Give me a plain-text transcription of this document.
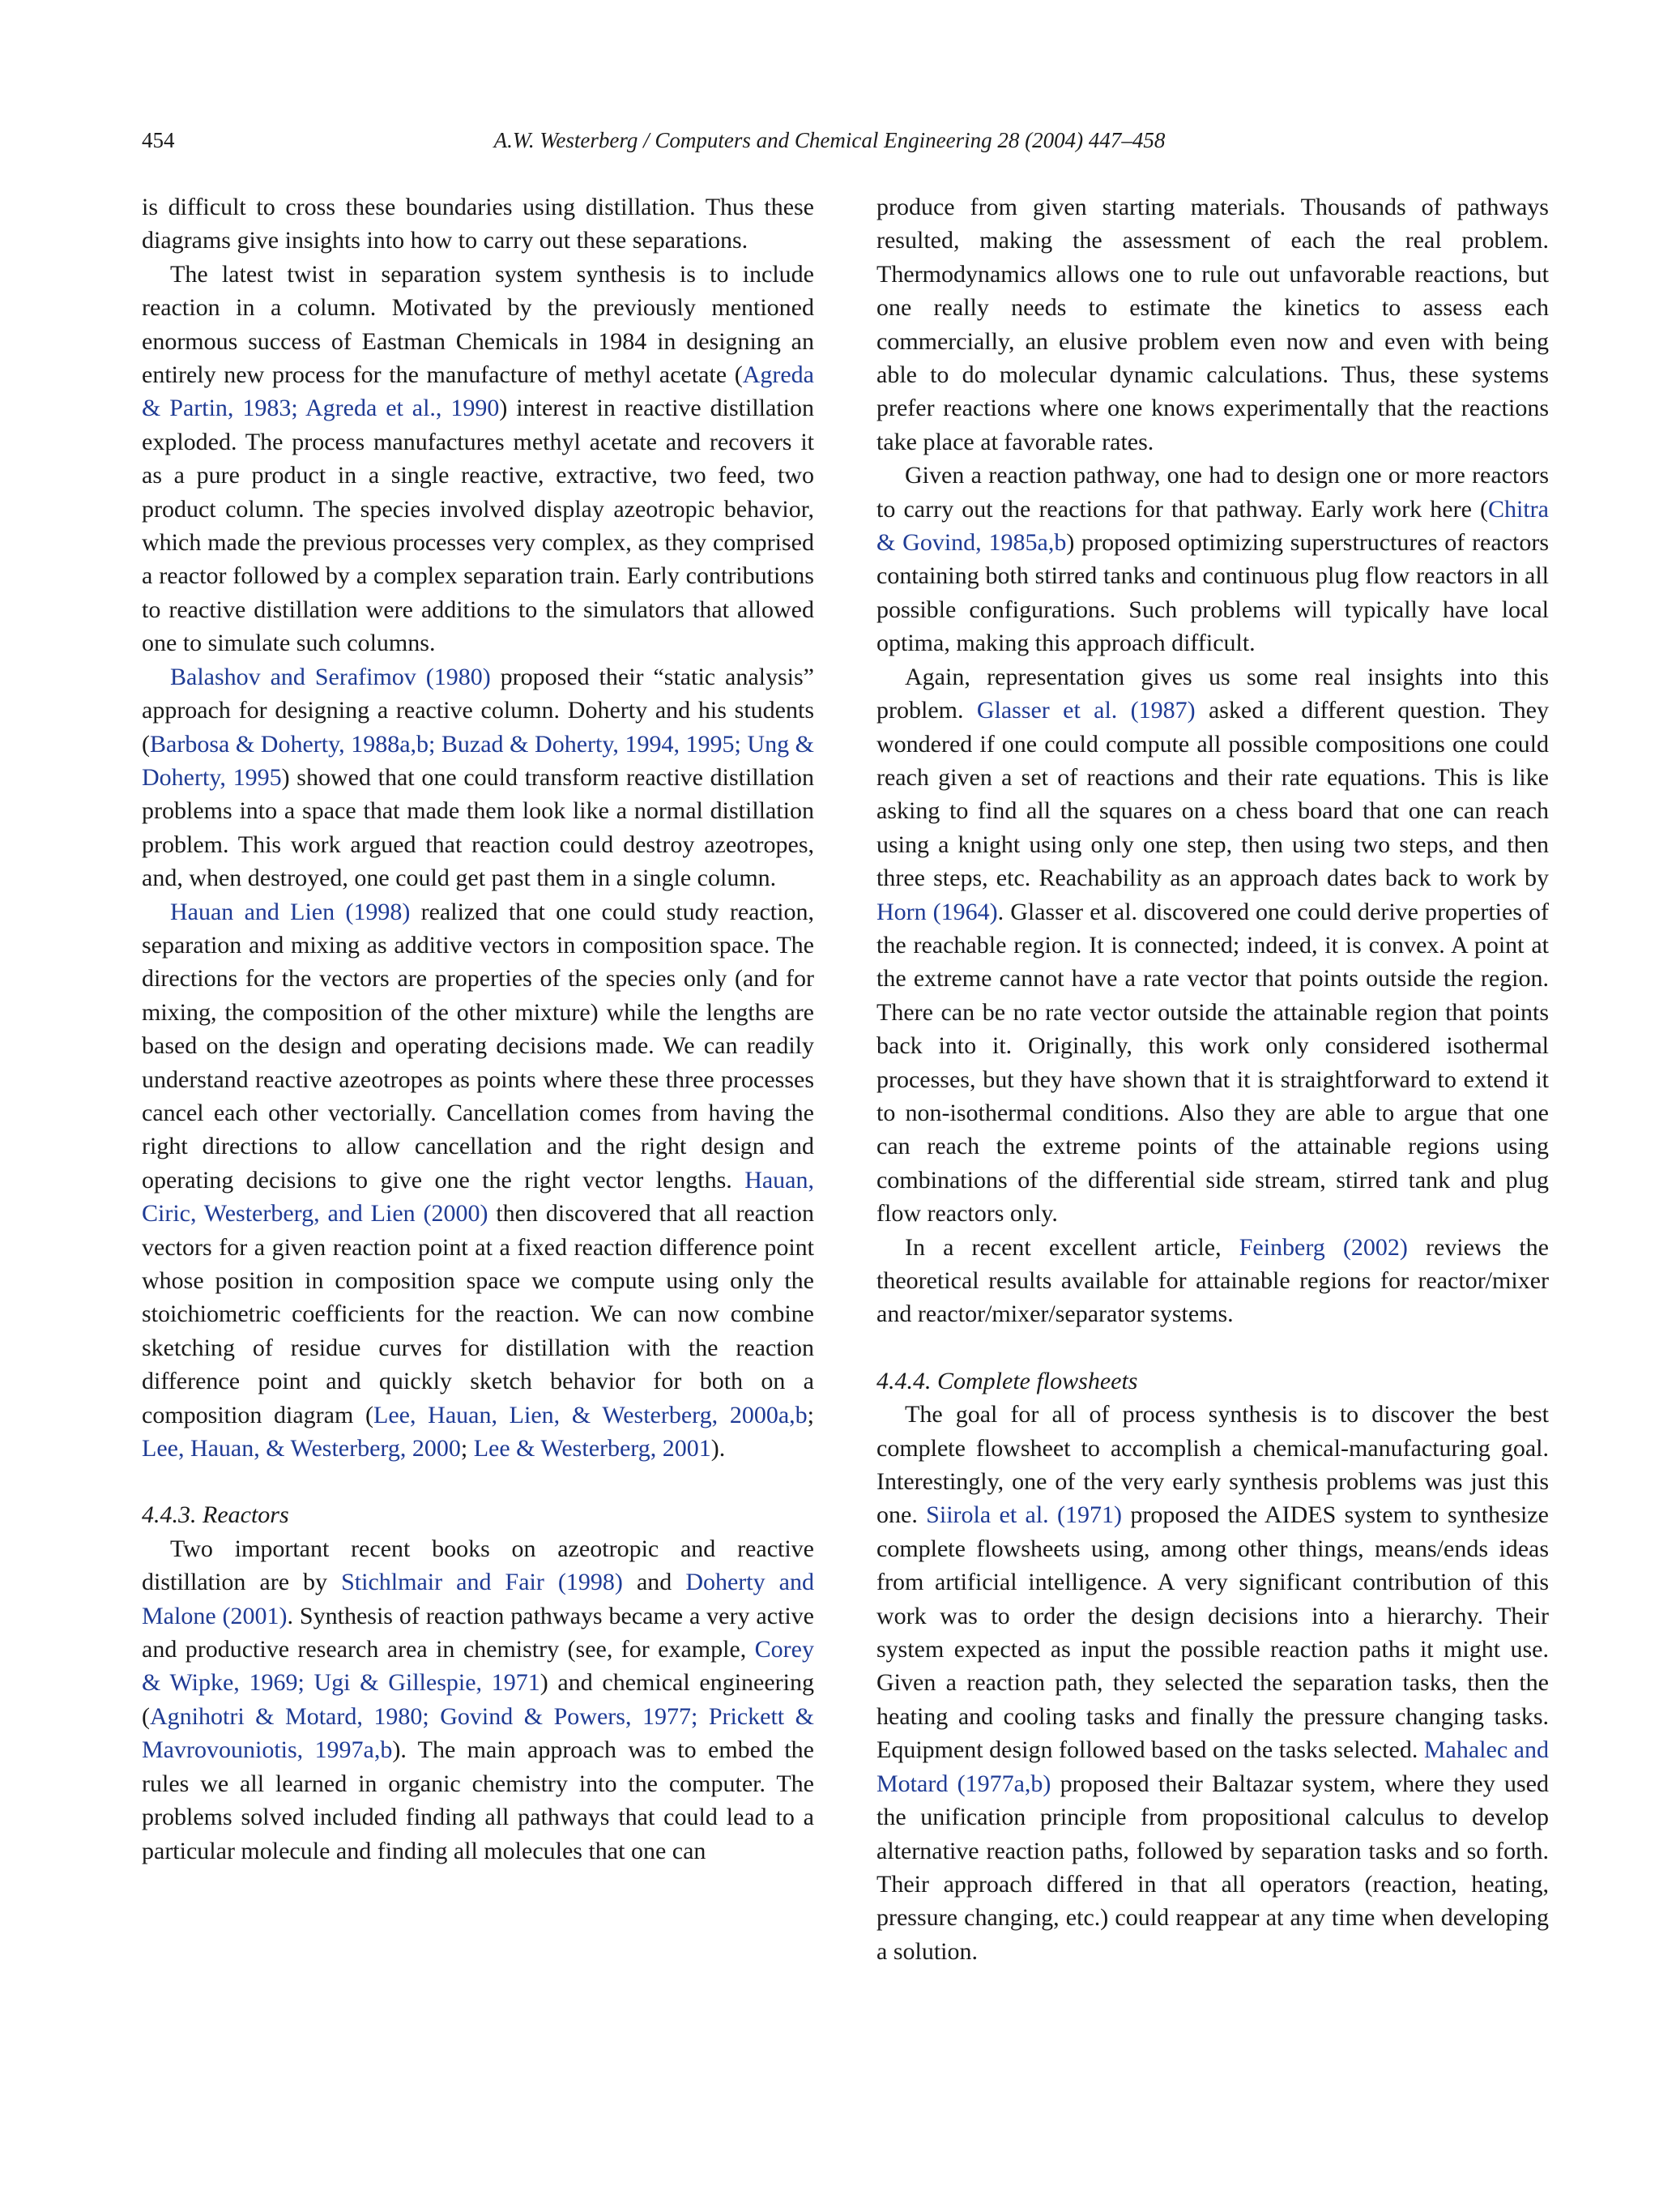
454	A.W. Westerberg / Computers and Chemical Engineering 28 (2004) 447–458

is difficult to cross these boundaries using distillation. Thus these diagrams give insights into how to carry out these separations.

The latest twist in separation system synthesis is to include reaction in a column. Motivated by the previously mentioned enormous success of Eastman Chemicals in 1984 in designing an entirely new process for the manufacture of methyl acetate (Agreda & Partin, 1983; Agreda et al., 1990) interest in reactive distillation exploded. The process manufactures methyl acetate and recovers it as a pure product in a single reactive, extractive, two feed, two product column. The species involved display azeotropic behavior, which made the previous processes very complex, as they comprised a reactor followed by a complex separation train. Early contributions to reactive distillation were additions to the simulators that allowed one to simulate such columns.

Balashov and Serafimov (1980) proposed their “static analysis” approach for designing a reactive column. Doherty and his students (Barbosa & Doherty, 1988a,b; Buzad & Doherty, 1994, 1995; Ung & Doherty, 1995) showed that one could transform reactive distillation problems into a space that made them look like a normal distillation problem. This work argued that reaction could destroy azeotropes, and, when destroyed, one could get past them in a single column.

Hauan and Lien (1998) realized that one could study reaction, separation and mixing as additive vectors in composition space. The directions for the vectors are properties of the species only (and for mixing, the composition of the other mixture) while the lengths are based on the design and operating decisions made. We can readily understand reactive azeotropes as points where these three processes cancel each other vectorially. Cancellation comes from having the right directions to allow cancellation and the right design and operating decisions to give one the right vector lengths. Hauan, Ciric, Westerberg, and Lien (2000) then discovered that all reaction vectors for a given reaction point at a fixed reaction difference point whose position in composition space we compute using only the stoichiometric coefficients for the reaction. We can now combine sketching of residue curves for distillation with the reaction difference point and quickly sketch behavior for both on a composition diagram (Lee, Hauan, Lien, & Westerberg, 2000a,b; Lee, Hauan, & Westerberg, 2000; Lee & Westerberg, 2001).

4.4.3. Reactors

Two important recent books on azeotropic and reactive distillation are by Stichlmair and Fair (1998) and Doherty and Malone (2001). Synthesis of reaction pathways became a very active and productive research area in chemistry (see, for example, Corey & Wipke, 1969; Ugi & Gillespie, 1971) and chemical engineering (Agnihotri & Motard, 1980; Govind & Powers, 1977; Prickett & Mavrovouniotis, 1997a,b). The main approach was to embed the rules we all learned in organic chemistry into the computer. The problems solved included finding all pathways that could lead to a particular molecule and finding all molecules that one can

produce from given starting materials. Thousands of pathways resulted, making the assessment of each the real problem. Thermodynamics allows one to rule out unfavorable reactions, but one really needs to estimate the kinetics to assess each commercially, an elusive problem even now and even with being able to do molecular dynamic calculations. Thus, these systems prefer reactions where one knows experimentally that the reactions take place at favorable rates.

Given a reaction pathway, one had to design one or more reactors to carry out the reactions for that pathway. Early work here (Chitra & Govind, 1985a,b) proposed optimizing superstructures of reactors containing both stirred tanks and continuous plug flow reactors in all possible configurations. Such problems will typically have local optima, making this approach difficult.

Again, representation gives us some real insights into this problem. Glasser et al. (1987) asked a different question. They wondered if one could compute all possible compositions one could reach given a set of reactions and their rate equations. This is like asking to find all the squares on a chess board that one can reach using a knight using only one step, then using two steps, and then three steps, etc. Reachability as an approach dates back to work by Horn (1964). Glasser et al. discovered one could derive properties of the reachable region. It is connected; indeed, it is convex. A point at the extreme cannot have a rate vector that points outside the region. There can be no rate vector outside the attainable region that points back into it. Originally, this work only considered isothermal processes, but they have shown that it is straightforward to extend it to non-isothermal conditions. Also they are able to argue that one can reach the extreme points of the attainable regions using combinations of the differential side stream, stirred tank and plug flow reactors only.

In a recent excellent article, Feinberg (2002) reviews the theoretical results available for attainable regions for reactor/mixer and reactor/mixer/separator systems.

4.4.4. Complete flowsheets

The goal for all of process synthesis is to discover the best complete flowsheet to accomplish a chemical-manufacturing goal. Interestingly, one of the very early synthesis problems was just this one. Siirola et al. (1971) proposed the AIDES system to synthesize complete flowsheets using, among other things, means/ends ideas from artificial intelligence. A very significant contribution of this work was to order the design decisions into a hierarchy. Their system expected as input the possible reaction paths it might use. Given a reaction path, they selected the separation tasks, then the heating and cooling tasks and finally the pressure changing tasks. Equipment design followed based on the tasks selected. Mahalec and Motard (1977a,b) proposed their Baltazar system, where they used the unification principle from propositional calculus to develop alternative reaction paths, followed by separation tasks and so forth. Their approach differed in that all operators (reaction, heating, pressure changing, etc.) could reappear at any time when developing a solution.
